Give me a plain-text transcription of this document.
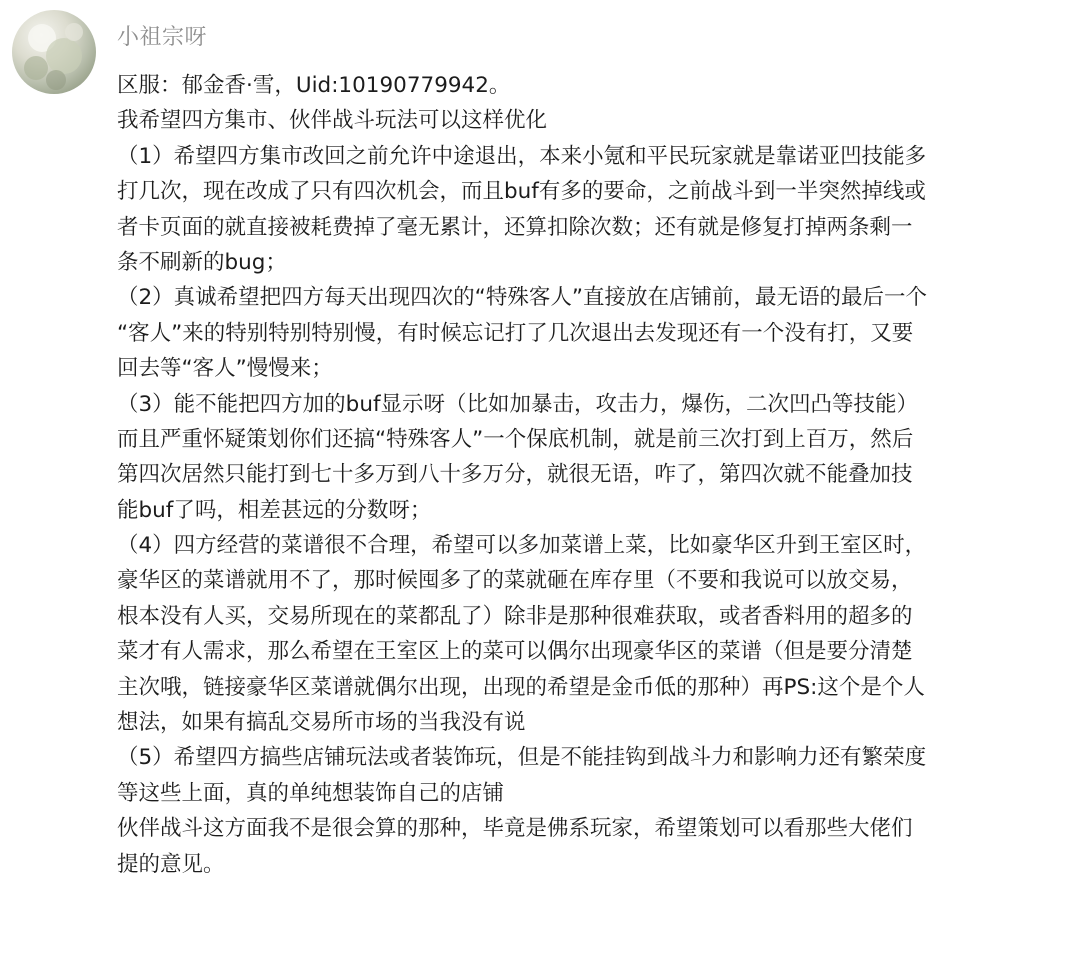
小祖宗呀
区服：郁金香·雪，Uid:10190779942。
我希望四方集市、伙伴战斗玩法可以这样优化
（1）希望四方集市改回之前允许中途退出，本来小氪和平民玩家就是靠诺亚凹技能多
打几次，现在改成了只有四次机会，而且buf有多的要命，之前战斗到一半突然掉线或
者卡页面的就直接被耗费掉了毫无累计，还算扣除次数；还有就是修复打掉两条剩一
条不刷新的bug；
（2）真诚希望把四方每天出现四次的“特殊客人”直接放在店铺前，最无语的最后一个
“客人”来的特别特别特别慢，有时候忘记打了几次退出去发现还有一个没有打，又要
回去等“客人”慢慢来；
（3）能不能把四方加的buf显示呀（比如加暴击，攻击力，爆伤，二次凹凸等技能）
而且严重怀疑策划你们还搞“特殊客人”一个保底机制，就是前三次打到上百万，然后
第四次居然只能打到七十多万到八十多万分，就很无语，咋了，第四次就不能叠加技
能buf了吗，相差甚远的分数呀；
（4）四方经营的菜谱很不合理，希望可以多加菜谱上菜，比如豪华区升到王室区时，
豪华区的菜谱就用不了，那时候囤多了的菜就砸在库存里（不要和我说可以放交易，
根本没有人买，交易所现在的菜都乱了）除非是那种很难获取，或者香料用的超多的
菜才有人需求，那么希望在王室区上的菜可以偶尔出现豪华区的菜谱（但是要分清楚
主次哦，链接豪华区菜谱就偶尔出现，出现的希望是金币低的那种）再PS:这个是个人
想法，如果有搞乱交易所市场的当我没有说
（5）希望四方搞些店铺玩法或者装饰玩，但是不能挂钩到战斗力和影响力还有繁荣度
等这些上面，真的单纯想装饰自己的店铺
伙伴战斗这方面我不是很会算的那种，毕竟是佛系玩家，希望策划可以看那些大佬们
提的意见。
